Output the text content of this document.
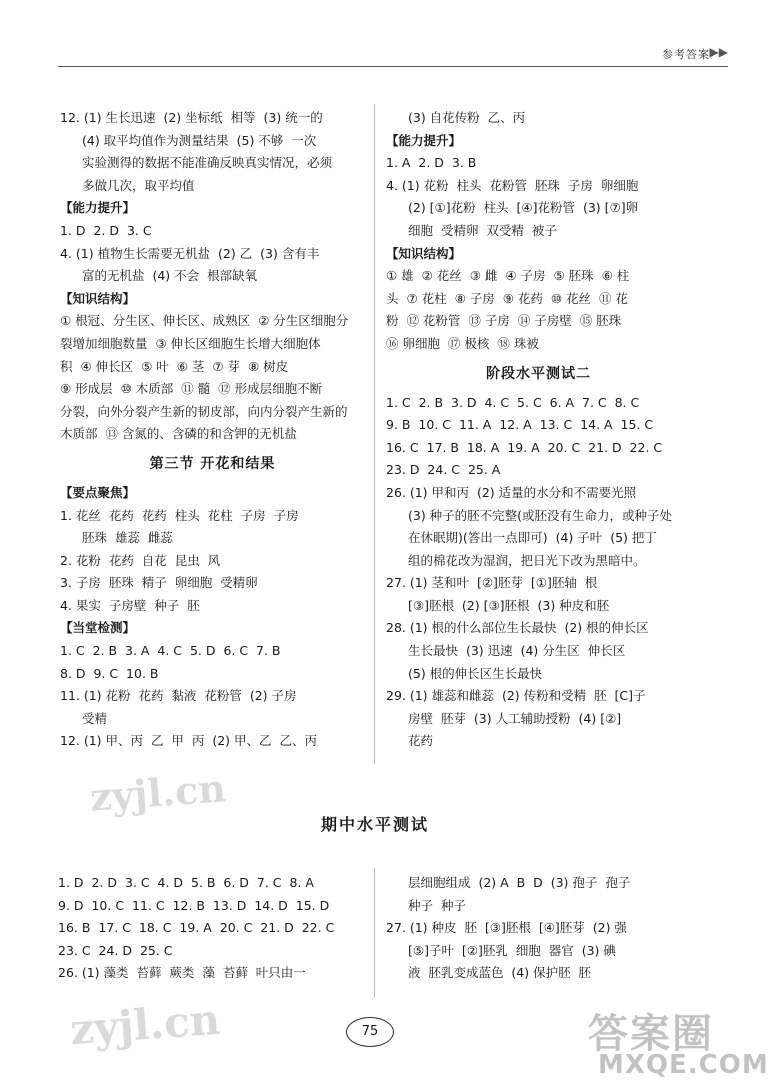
参考答案 ▶▶
12. (1) 生长迅速  (2) 坐标纸  相等  (3) 统一的
(4) 取平均值作为测量结果  (5) 不够  一次
实验测得的数据不能准确反映真实情况，必须
多做几次，取平均值
【能力提升】
1. D  2. D  3. C
4. (1) 植物生长需要无机盐  (2) 乙  (3) 含有丰
富的无机盐  (4) 不会  根部缺氧
【知识结构】
① 根冠、分生区、伸长区、成熟区  ② 分生区细胞分
裂增加细胞数量  ③ 伸长区细胞生长增大细胞体
积  ④ 伸长区  ⑤ 叶  ⑥ 茎  ⑦ 芽  ⑧ 树皮
⑨ 形成层  ⑩ 木质部  ⑪ 髓  ⑫ 形成层细胞不断
分裂，向外分裂产生新的韧皮部，向内分裂产生新的
木质部  ⑬ 含氮的、含磷的和含钾的无机盐
第三节 开花和结果
【要点聚焦】
1. 花丝  花药  花药  柱头  花柱  子房  子房
胚珠  雄蕊  雌蕊
2. 花粉  花药  自花  昆虫  风
3. 子房  胚珠  精子  卵细胞  受精卵
4. 果实  子房壁  种子  胚
【当堂检测】
1. C  2. B  3. A  4. C  5. D  6. C  7. B
8. D  9. C  10. B
11. (1) 花粉  花药  黏液  花粉管  (2) 子房
受精
12. (1) 甲、丙  乙  甲  丙  (2) 甲、乙  乙、丙
(3) 自花传粉  乙、丙
【能力提升】
1. A  2. D  3. B
4. (1) 花粉  柱头  花粉管  胚珠  子房  卵细胞
(2) [①]花粉  柱头  [④]花粉管  (3) [⑦]卵
细胞  受精卵  双受精  被子
【知识结构】
① 雄  ② 花丝  ③ 雌  ④ 子房  ⑤ 胚珠  ⑥ 柱
头  ⑦ 花柱  ⑧ 子房  ⑨ 花药  ⑩ 花丝  ⑪ 花
粉  ⑫ 花粉管  ⑬ 子房  ⑭ 子房壁  ⑮ 胚珠
⑯ 卵细胞  ⑰ 极核  ⑱ 珠被
阶段水平测试二
1. C  2. B  3. D  4. C  5. C  6. A  7. C  8. C
9. B  10. C  11. A  12. A  13. C  14. A  15. C
16. C  17. B  18. A  19. A  20. C  21. D  22. C
23. D  24. C  25. A
26. (1) 甲和丙  (2) 适量的水分和不需要光照
(3) 种子的胚不完整(或胚没有生命力，或种子处
在休眠期)(答出一点即可)  (4) 子叶  (5) 把丁
组的棉花改为湿润，把日光下改为黑暗中。
27. (1) 茎和叶  [②]胚芽  [①]胚轴  根
[③]胚根  (2) [③]胚根  (3) 种皮和胚
28. (1) 根的什么部位生长最快  (2) 根的伸长区
生长最快  (3) 迅速  (4) 分生区  伸长区
(5) 根的伸长区生长最快
29. (1) 雄蕊和雌蕊  (2) 传粉和受精  胚  [C]子
房壁  胚芽  (3) 人工辅助授粉  (4) [②]
花药
期中水平测试
1. D  2. D  3. C  4. D  5. B  6. D  7. C  8. A
9. D  10. C  11. C  12. B  13. D  14. D  15. D
16. B  17. C  18. C  19. A  20. C  21. D  22. C
23. C  24. D  25. C
26. (1) 藻类  苔藓  蕨类  藻  苔藓  叶只由一
层细胞组成  (2) A  B  D  (3) 孢子  孢子
种子  种子
27. (1) 种皮  胚  [③]胚根  [④]胚芽  (2) 强
[⑤]子叶  [②]胚乳  细胞  器官  (3) 碘
液  胚乳变成蓝色  (4) 保护胚  胚
75
zyjl.cn
zyjl.cn	答案圈
MXQE.COM
